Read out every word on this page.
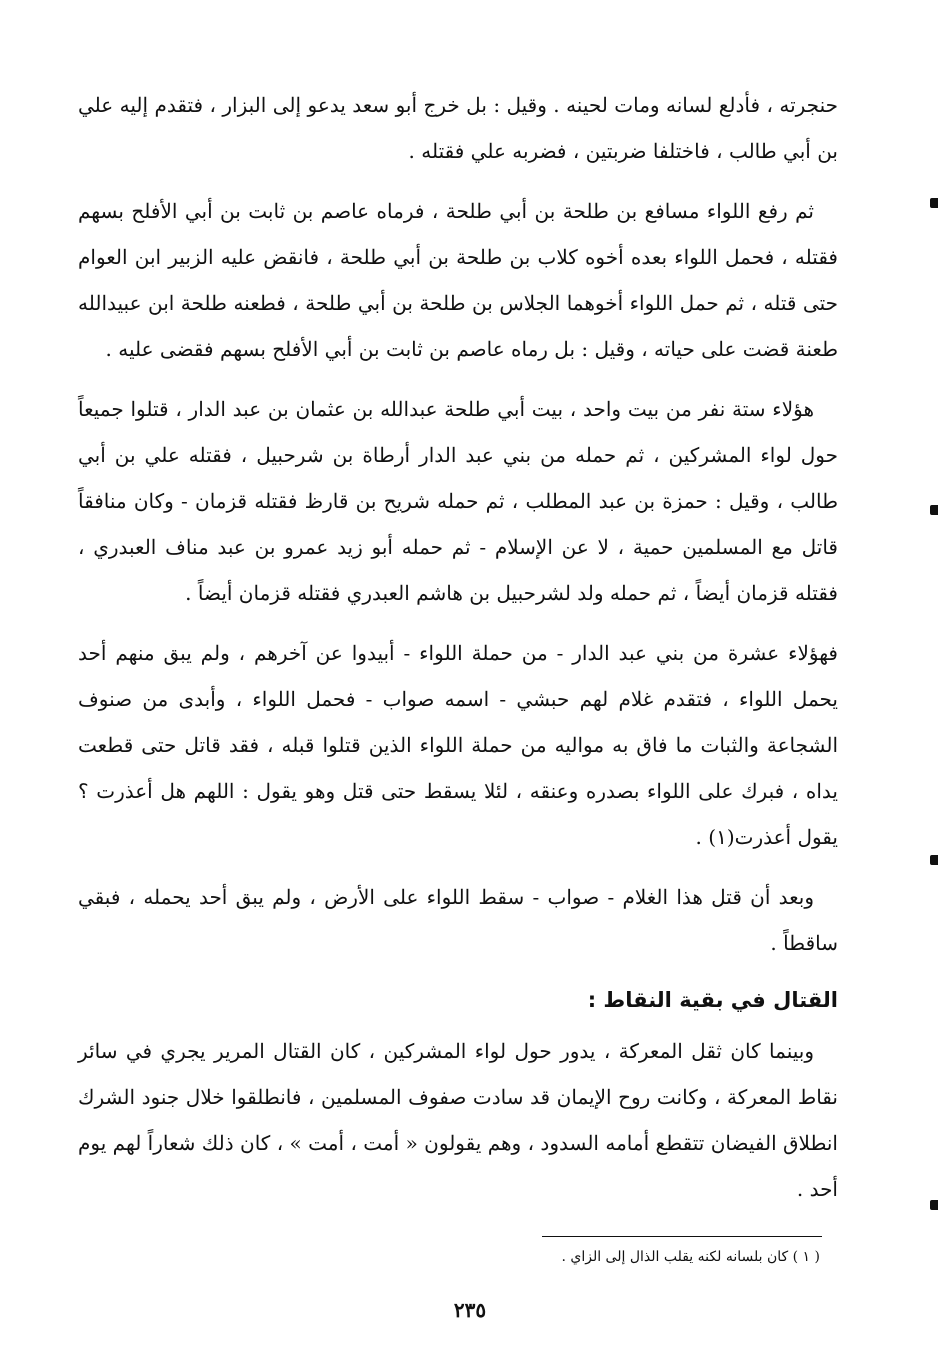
حنجرته ، فأدلع لسانه ومات لحينه . وقيل : بل خرج أبو سعد يدعو إلى البزار ، فتقدم إليه علي بن أبي طالب ، فاختلفا ضربتين ، فضربه علي فقتله .

ثم رفع اللواء مسافع بن طلحة بن أبي طلحة ، فرماه عاصم بن ثابت بن أبي الأفلح بسهم فقتله ، فحمل اللواء بعده أخوه كلاب بن طلحة بن أبي طلحة ، فانقض عليه الزبير ابن العوام حتى قتله ، ثم حمل اللواء أخوهما الجلاس بن طلحة بن أبي طلحة ، فطعنه طلحة ابن عبيدالله طعنة قضت على حياته ، وقيل : بل رماه عاصم بن ثابت بن أبي الأفلح بسهم فقضى عليه .

هؤلاء ستة نفر من بيت واحد ، بيت أبي طلحة عبدالله بن عثمان بن عبد الدار ، قتلوا جميعاً حول لواء المشركين ، ثم حمله من بني عبد الدار أرطاة بن شرحبيل ، فقتله علي بن أبي طالب ، وقيل : حمزة بن عبد المطلب ، ثم حمله شريح بن قارظ فقتله قزمان - وكان منافقاً قاتل مع المسلمين حمية ، لا عن الإسلام - ثم حمله أبو زيد عمرو بن عبد مناف العبدري ، فقتله قزمان أيضاً ، ثم حمله ولد لشرحبيل بن هاشم العبدري فقتله قزمان أيضاً .

فهؤلاء عشرة من بني عبد الدار - من حملة اللواء - أبيدوا عن آخرهم ، ولم يبق منهم أحد يحمل اللواء ، فتقدم غلام لهم حبشي - اسمه صواب - فحمل اللواء ، وأبدى من صنوف الشجاعة والثبات ما فاق به مواليه من حملة اللواء الذين قتلوا قبله ، فقد قاتل حتى قطعت يداه ، فبرك على اللواء بصدره وعنقه ، لئلا يسقط حتى قتل وهو يقول : اللهم هل أعذرت ؟ يقول أعذرت(١) .

وبعد أن قتل هذا الغلام - صواب - سقط اللواء على الأرض ، ولم يبق أحد يحمله ، فبقي ساقطاً .

القتال في بقية النقاط :

وبينما كان ثقل المعركة ، يدور حول لواء المشركين ، كان القتال المرير يجري في سائر نقاط المعركة ، وكانت روح الإيمان قد سادت صفوف المسلمين ، فانطلقوا خلال جنود الشرك انطلاق الفيضان تتقطع أمامه السدود ، وهم يقولون « أمت ، أمت » ، كان ذلك شعاراً لهم يوم أحد .

( ١ ) كان بلسانه لكنه يقلب الذال إلى الزاي .
٢٣٥
